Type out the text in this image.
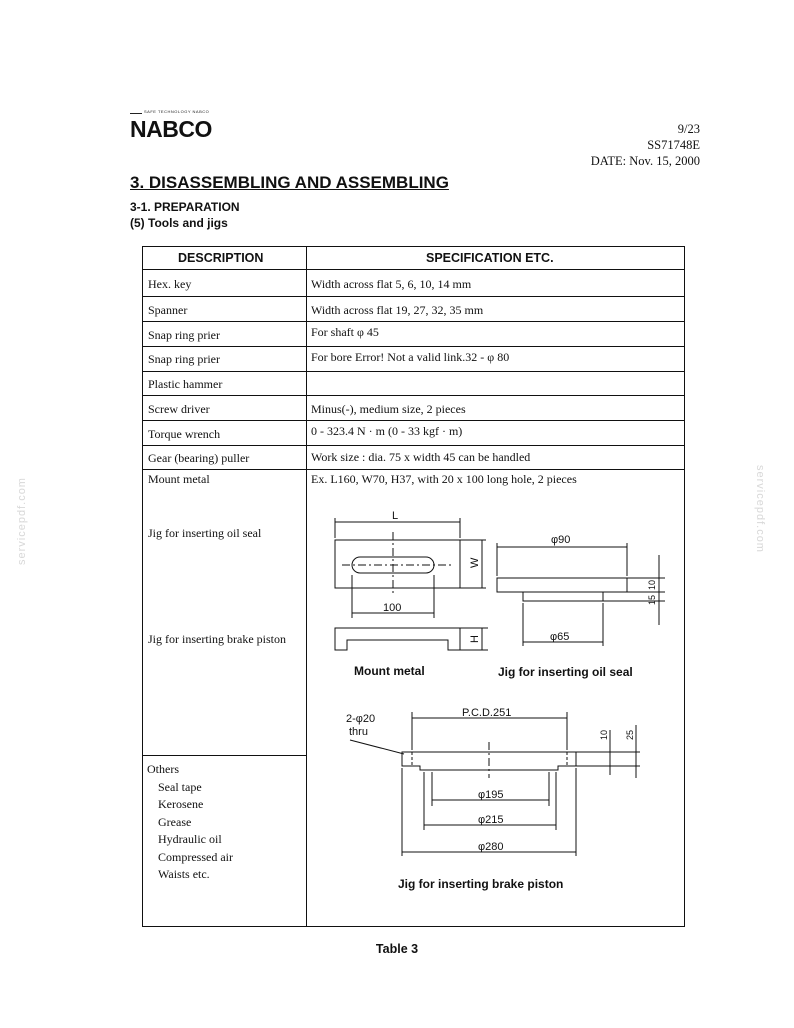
SAFE TECHNOLOGY NABCO
NABCO	9/23
SS71748E
DATE: Nov. 15, 2000
3. DISASSEMBLING AND ASSEMBLING
3-1. PREPARATION
(5) Tools and jigs
servicepdf.com	servicepdf.com
DESCRIPTION	SPECIFICATION ETC.
Hex. key	Width across flat 5, 6, 10, 14 mm
Spanner	Width across flat 19, 27, 32, 35 mm
Snap ring prier	For shaft φ 45
Snap ring prier	For bore Error! Not a valid link.32 - φ 80
Plastic hammer
Screw driver	Minus(-), medium size, 2 pieces
Torque wrench	0 - 323.4 N · m (0 - 33 kgf · m)
Gear (bearing) puller	Work size : dia. 75 x width 45 can be handled
Mount metal	Ex. L160, W70, H37, with 20 x 100 long hole, 2 pieces
Jig for inserting oil seal
Jig for inserting brake piston
Others
Seal tape
Kerosene
Grease
Hydraulic oil
Compressed air
Waists etc.
L
W
100
H
Mount metal
φ90
φ65
10
15
Jig for inserting oil seal
2-φ20
thru
P.C.D.251
φ195
φ215
φ280
10 25
Jig for inserting brake piston
Table 3
